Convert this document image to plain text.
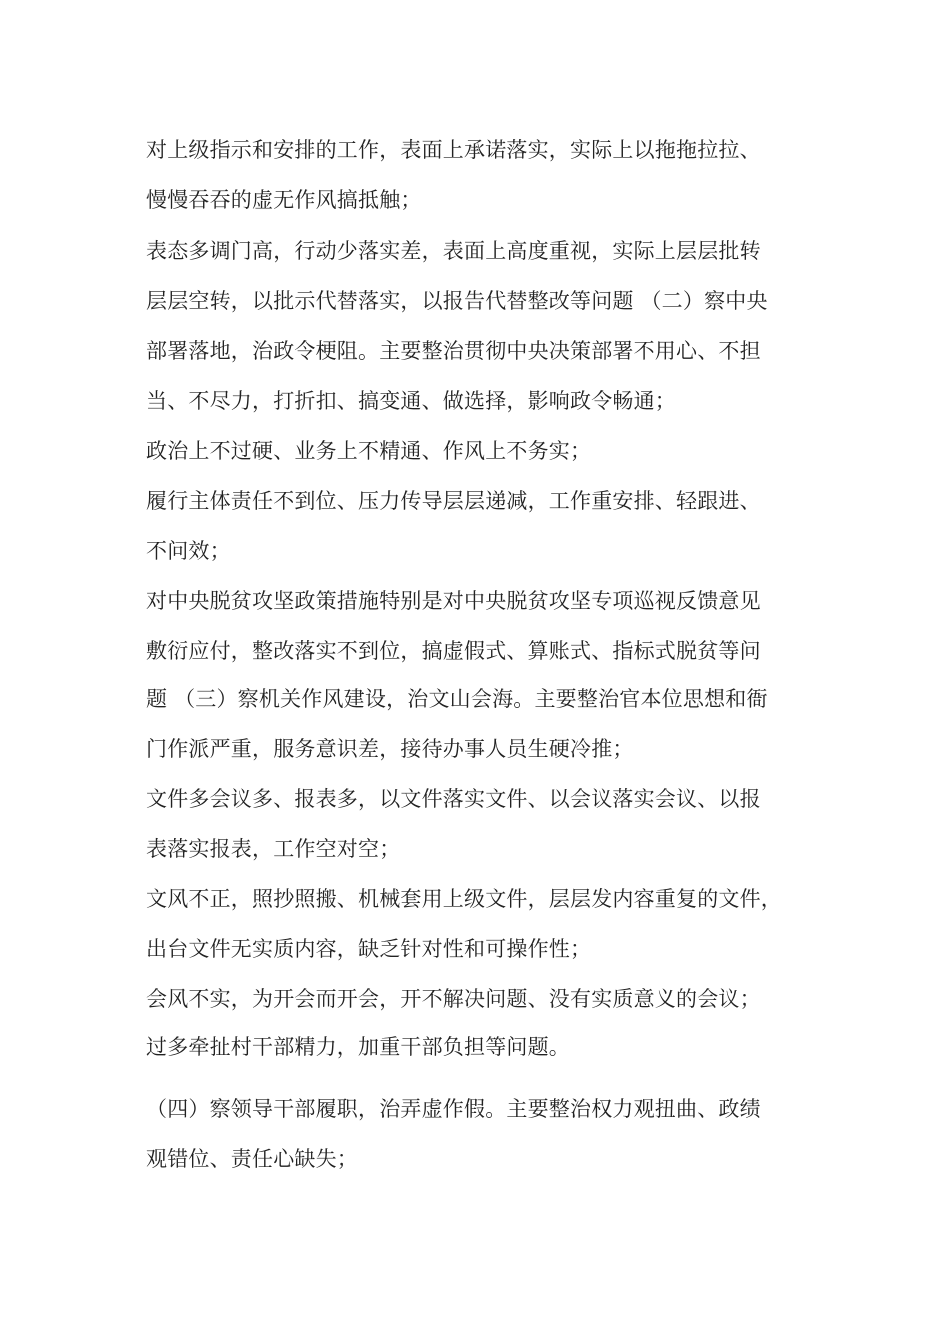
对上级指示和安排的工作，表面上承诺落实，实际上以拖拖拉拉、
慢慢吞吞的虚无作风搞抵触；
表态多调门高，行动少落实差，表面上高度重视，实际上层层批转
层层空转，以批示代替落实，以报告代替整改等问题 （二）察中央
部署落地，治政令梗阻。主要整治贯彻中央决策部署不用心、不担
当、不尽力，打折扣、搞变通、做选择，影响政令畅通；
政治上不过硬、业务上不精通、作风上不务实；
履行主体责任不到位、压力传导层层递减，工作重安排、轻跟进、
不问效；
对中央脱贫攻坚政策措施特别是对中央脱贫攻坚专项巡视反馈意见
敷衍应付，整改落实不到位，搞虚假式、算账式、指标式脱贫等问
题 （三）察机关作风建设，治文山会海。主要整治官本位思想和衙
门作派严重，服务意识差，接待办事人员生硬冷推；
文件多会议多、报表多，以文件落实文件、以会议落实会议、以报
表落实报表，工作空对空；
文风不正，照抄照搬、机械套用上级文件，层层发内容重复的文件，
出台文件无实质内容，缺乏针对性和可操作性；
会风不实，为开会而开会，开不解决问题、没有实质意义的会议；
过多牵扯村干部精力，加重干部负担等问题。
（四）察领导干部履职，治弄虚作假。主要整治权力观扭曲、政绩
观错位、责任心缺失；
